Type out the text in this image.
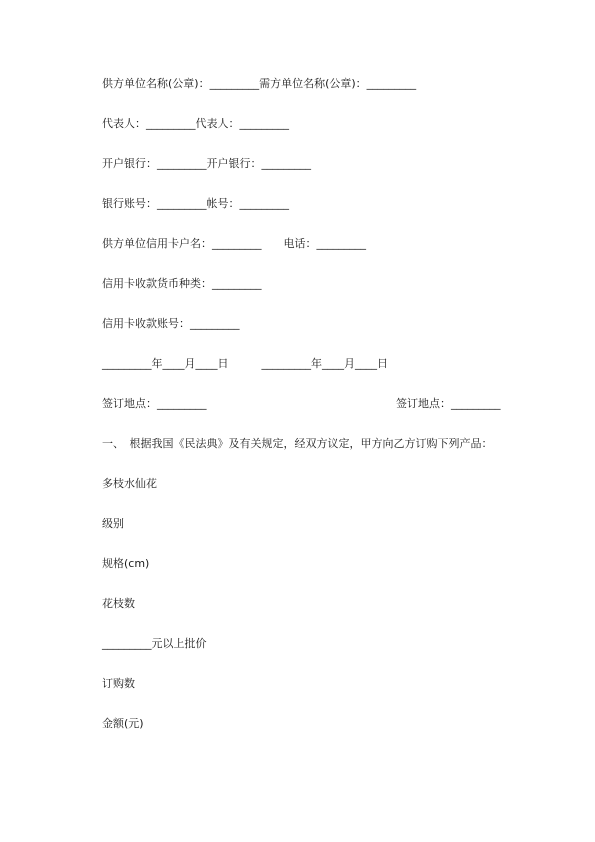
供方单位名称(公章)：_________需方单位名称(公章)：_________
代表人：_________代表人：_________
开户银行：_________开户银行：_________
银行账号：_________帐号：_________
供方单位信用卡户名：_________　　电话：_________
信用卡收款货币种类：_________
信用卡收款账号：_________
_________年____月____日　　　_________年____月____日
签订地点：_________	签订地点：_________
一、　根据我国《民法典》及有关规定，经双方议定，甲方向乙方订购下列产品：
多枝水仙花
级别
规格(cm)
花枝数
_________元以上批价
订购数
金额(元)
